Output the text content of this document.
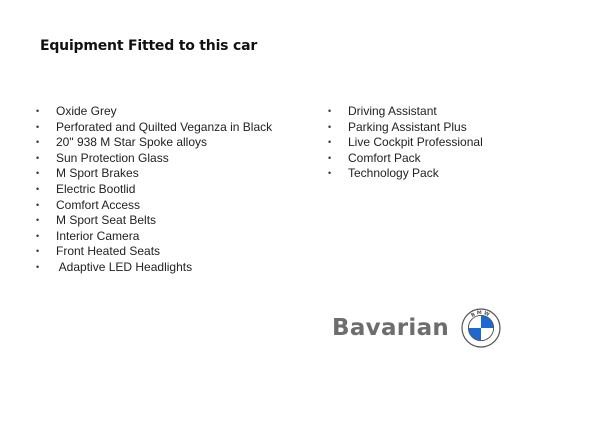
Equipment Fitted to this car
• Oxide Grey
• Perforated and Quilted Veganza in Black
• 20" 938 M Star Spoke alloys
• Sun Protection Glass
• M Sport Brakes
• Electric Bootlid
• Comfort Access
• M Sport Seat Belts
• Interior Camera
• Front Heated Seats
• Adaptive LED Headlights
• Driving Assistant
• Parking Assistant Plus
• Live Cockpit Professional
• Comfort Pack
• Technology Pack
Bavarian
BMW
